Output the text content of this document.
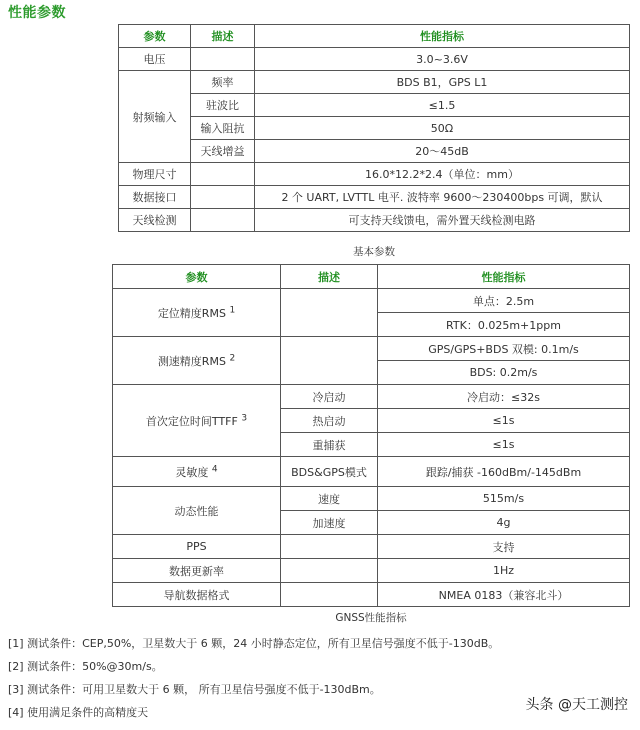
性能参数
参数	描述	性能指标
电压		3.0~3.6V
射频输入	频率	BDS B1，GPS L1
	驻波比	≤1.5
	输入阻抗	50Ω
	天线增益	20～45dB
物理尺寸		16.0*12.2*2.4（单位：mm）
数据接口		2 个 UART, LVTTL 电平. 波特率 9600～230400bps 可调，默认
天线检测		可支持天线馈电，需外置天线检测电路
基本参数
参数	描述	性能指标
定位精度RMS $^1$		单点：2.5m
		RTK：0.025m+1ppm
测速精度RMS $^2$		GPS/GPS+BDS 双模: 0.1m/s
		BDS: 0.2m/s
首次定位时间TTFF $^3$	冷启动	冷启动：≤32s
	热启动	≤1s
	重捕获	≤1s
灵敏度 $^4$	BDS&GPS模式	跟踪/捕获 -160dBm/-145dBm
动态性能	速度	515m/s
	加速度	4g
PPS		支持
数据更新率		1Hz
导航数据格式		NMEA 0183（兼容北斗）
GNSS性能指标
[1] 测试条件：CEP,50%，卫星数大于 6 颗，24 小时静态定位，所有卫星信号强度不低于-130dB。
[2] 测试条件：50%@30m/s。
[3] 测试条件：可用卫星数大于 6 颗， 所有卫星信号强度不低于-130dBm。
[4] 使用满足条件的高精度天	头条 @天工测控
